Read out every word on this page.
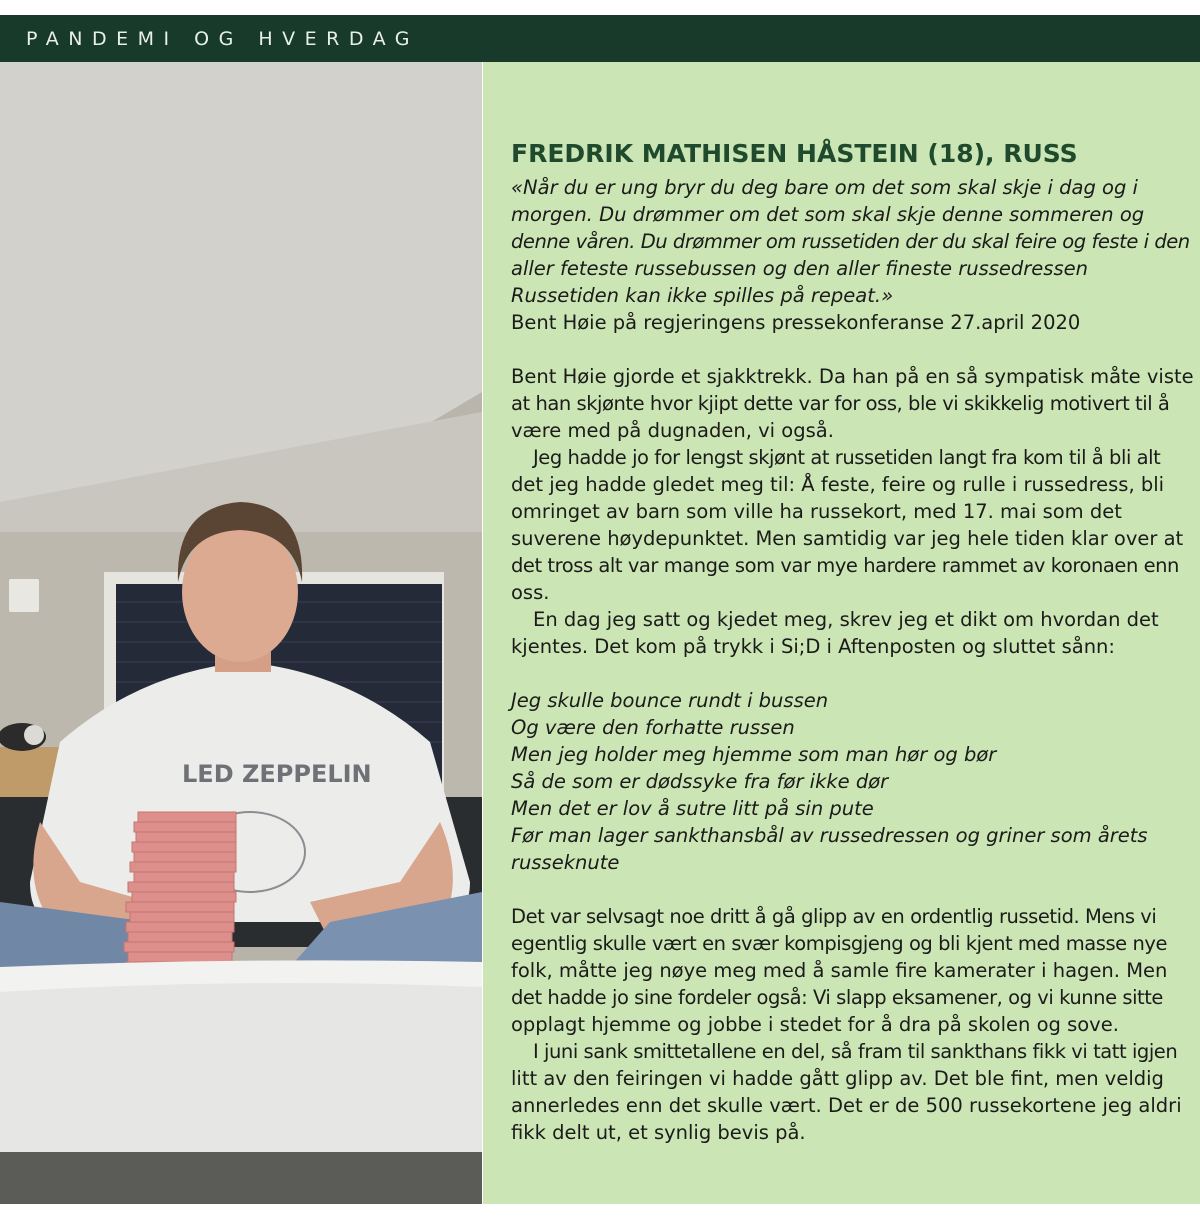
PANDEMI OG HVERDAG
LED ZEPPELIN
FREDRIK MATHISEN HÅSTEIN (18), RUSS
«Når du er ung bryr du deg bare om det som skal skje i dag og i
morgen. Du drømmer om det som skal skje denne sommeren og
denne våren. Du drømmer om russetiden der du skal feire og feste i den
aller feteste russebussen og den aller fineste russedressen
Russetiden kan ikke spilles på repeat.»
Bent Høie på regjeringens pressekonferanse 27.april 2020
Bent Høie gjorde et sjakktrekk. Da han på en så sympatisk måte viste
at han skjønte hvor kjipt dette var for oss, ble vi skikkelig motivert til å
være med på dugnaden, vi også.
Jeg hadde jo for lengst skjønt at russetiden langt fra kom til å bli alt
det jeg hadde gledet meg til: Å feste, feire og rulle i russedress, bli
omringet av barn som ville ha russekort, med 17. mai som det
suverene høydepunktet. Men samtidig var jeg hele tiden klar over at
det tross alt var mange som var mye hardere rammet av koronaen enn
oss.
En dag jeg satt og kjedet meg, skrev jeg et dikt om hvordan det
kjentes. Det kom på trykk i Si;D i Aftenposten og sluttet sånn:
Jeg skulle bounce rundt i bussen
Og være den forhatte russen
Men jeg holder meg hjemme som man hør og bør
Så de som er dødssyke fra før ikke dør
Men det er lov å sutre litt på sin pute
Før man lager sankthansbål av russedressen og griner som årets
russeknute
Det var selvsagt noe dritt å gå glipp av en ordentlig russetid. Mens vi
egentlig skulle vært en svær kompisgjeng og bli kjent med masse nye
folk, måtte jeg nøye meg med å samle fire kamerater i hagen. Men
det hadde jo sine fordeler også: Vi slapp eksamener, og vi kunne sitte
opplagt hjemme og jobbe i stedet for å dra på skolen og sove.
I juni sank smittetallene en del, så fram til sankthans fikk vi tatt igjen
litt av den feiringen vi hadde gått glipp av. Det ble fint, men veldig
annerledes enn det skulle vært. Det er de 500 russekortene jeg aldri
fikk delt ut, et synlig bevis på.
